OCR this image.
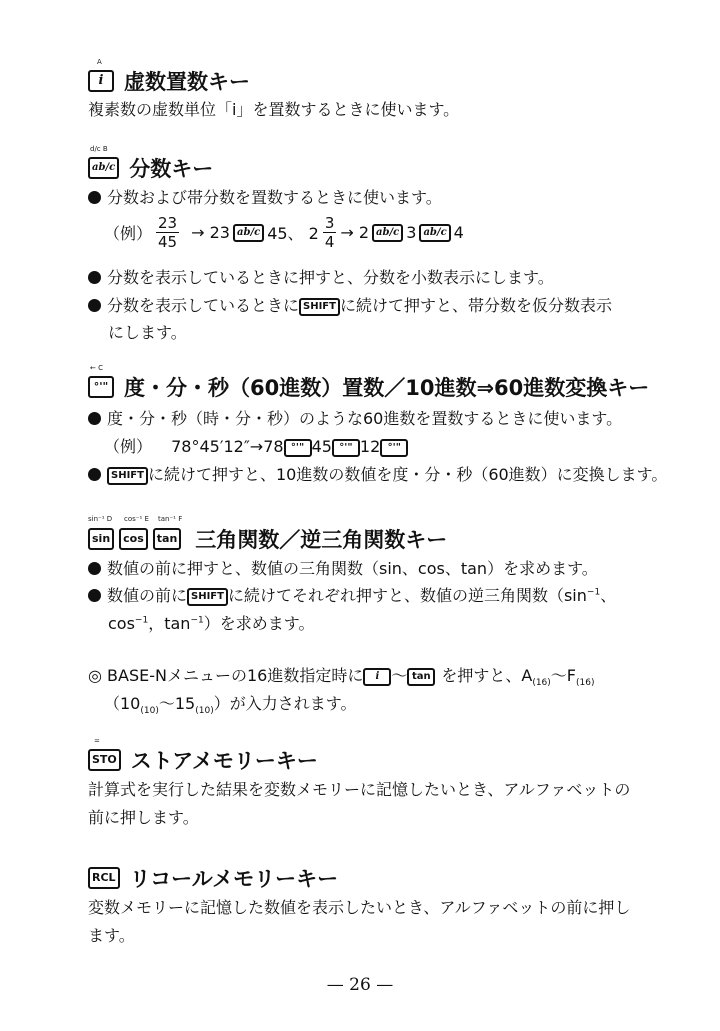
A
i 虚数置数キー
複素数の虚数単位「i」を置数するときに使います。
d/c B
ab/c 分数キー
分数および帯分数を置数するときに使います。
（例） $\frac{23}{45} \to 23$ ab/c 45、 $2 \frac{3}{4} \to 2$ ab/c 3 ab/c 4
分数を表示しているときに押すと、分数を小数表示にします。
分数を表示しているときに SHIFT に続けて押すと、帯分数を仮分数表示
にします。
← C
°'" 度・分・秒（60進数）置数／10進数⇒60進数変換キー
度・分・秒（時・分・秒）のような60進数を置数するときに使います。
（例） 78°45′12″→78 °'" 45 °'" 12 °'"
SHIFT に続けて押すと、10進数の数値を度・分・秒（60進数）に変換します。
sin⁻¹ D cos⁻¹ E tan⁻¹ F
sin	cos	tan 三角関数／逆三角関数キー
数値の前に押すと、数値の三角関数（sin、cos、tan）を求めます。
数値の前に SHIFT に続けてそれぞれ押すと、数値の逆三角関数（$\sin^{-1}$、
$\cos^{-1}$，$\tan^{-1}$）を求めます。
◎ BASE-Nメニューの16進数指定時に i 〜 tan を押すと、$A_{(16)}$〜$F_{(16)}$
（$10_{(10)}$〜$15_{(10)}$）が入力されます。
=
STO ストアメモリーキー
計算式を実行した結果を変数メモリーに記憶したいとき、アルファベットの
前に押します。
RCL リコールメモリーキー
変数メモリーに記憶した数値を表示したいとき、アルファベットの前に押し
ます。
— 26 —
